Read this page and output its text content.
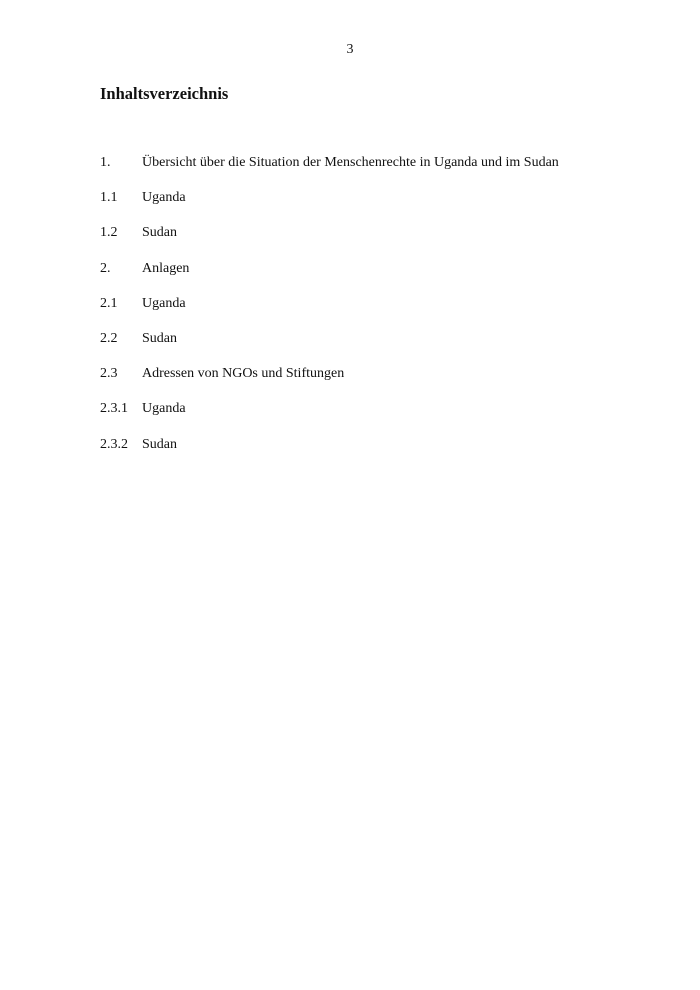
3
Inhaltsverzeichnis
1.	Übersicht über die Situation der Menschenrechte in Uganda und im Sudan
1.1	Uganda
1.2	Sudan
2.	Anlagen
2.1	Uganda
2.2	Sudan
2.3	Adressen von NGOs und Stiftungen
2.3.1	Uganda
2.3.2	Sudan
